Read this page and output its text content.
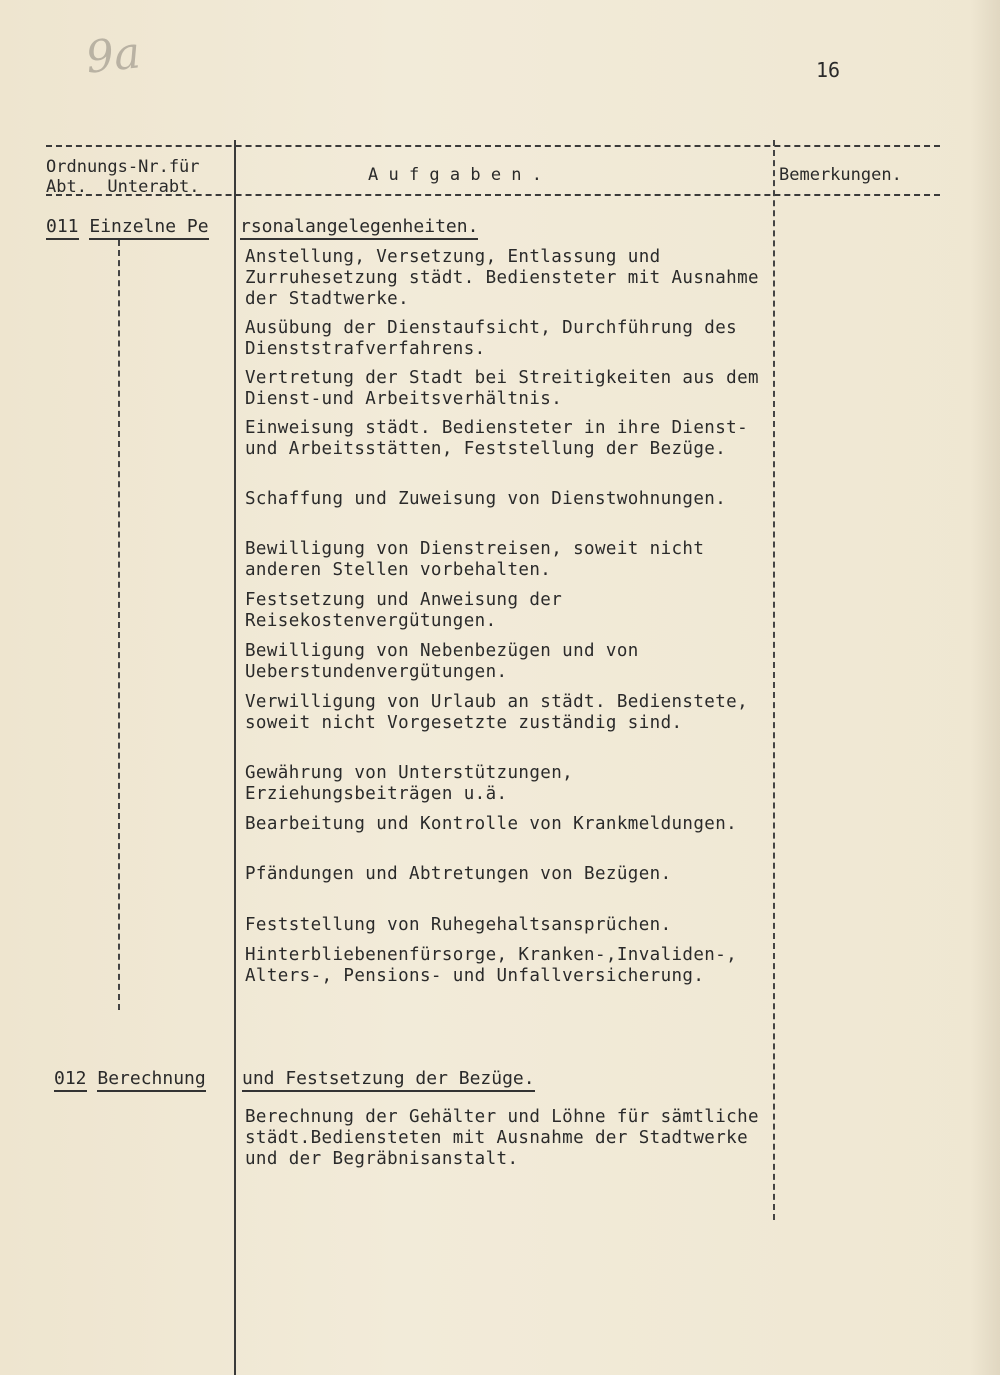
9a	16
Ordnungs-Nr.für
Abt.  Unterabt.
A u f g a b e n .	Bemerkungen.
011 Einzelne Pe rsonalangelegenheiten.
Anstellung, Versetzung, Entlassung und Zurruhesetzung städt. Bediensteter mit Ausnahme der Stadtwerke.
Ausübung der Dienstaufsicht, Durchführung des Dienststrafverfahrens.
Vertretung der Stadt bei Streitigkeiten aus dem Dienst-und Arbeitsverhältnis.
Einweisung städt. Bediensteter in ihre Dienst-und Arbeitsstätten, Feststellung der Bezüge.
Schaffung und Zuweisung von Dienstwohnungen.
Bewilligung von Dienstreisen, soweit nicht anderen Stellen vorbehalten.
Festsetzung und Anweisung der Reisekostenvergütungen.
Bewilligung von Nebenbezügen und von Ueberstundenvergütungen.
Verwilligung von Urlaub an städt. Bedienstete, soweit nicht Vorgesetzte zuständig sind.
Gewährung von Unterstützungen, Erziehungsbeiträgen u.ä.
Bearbeitung und Kontrolle von Krankmeldungen.
Pfändungen und Abtretungen von Bezügen.
Feststellung von Ruhegehaltsansprüchen.
Hinterbliebenenfürsorge, Kranken-,Invaliden-, Alters-, Pensions- und Unfallversicherung.
012 Berechnung und Festsetzung der Bezüge.
Berechnung der Gehälter und Löhne für sämtliche städt.Bediensteten mit Ausnahme der Stadtwerke und der Begräbnisanstalt.
